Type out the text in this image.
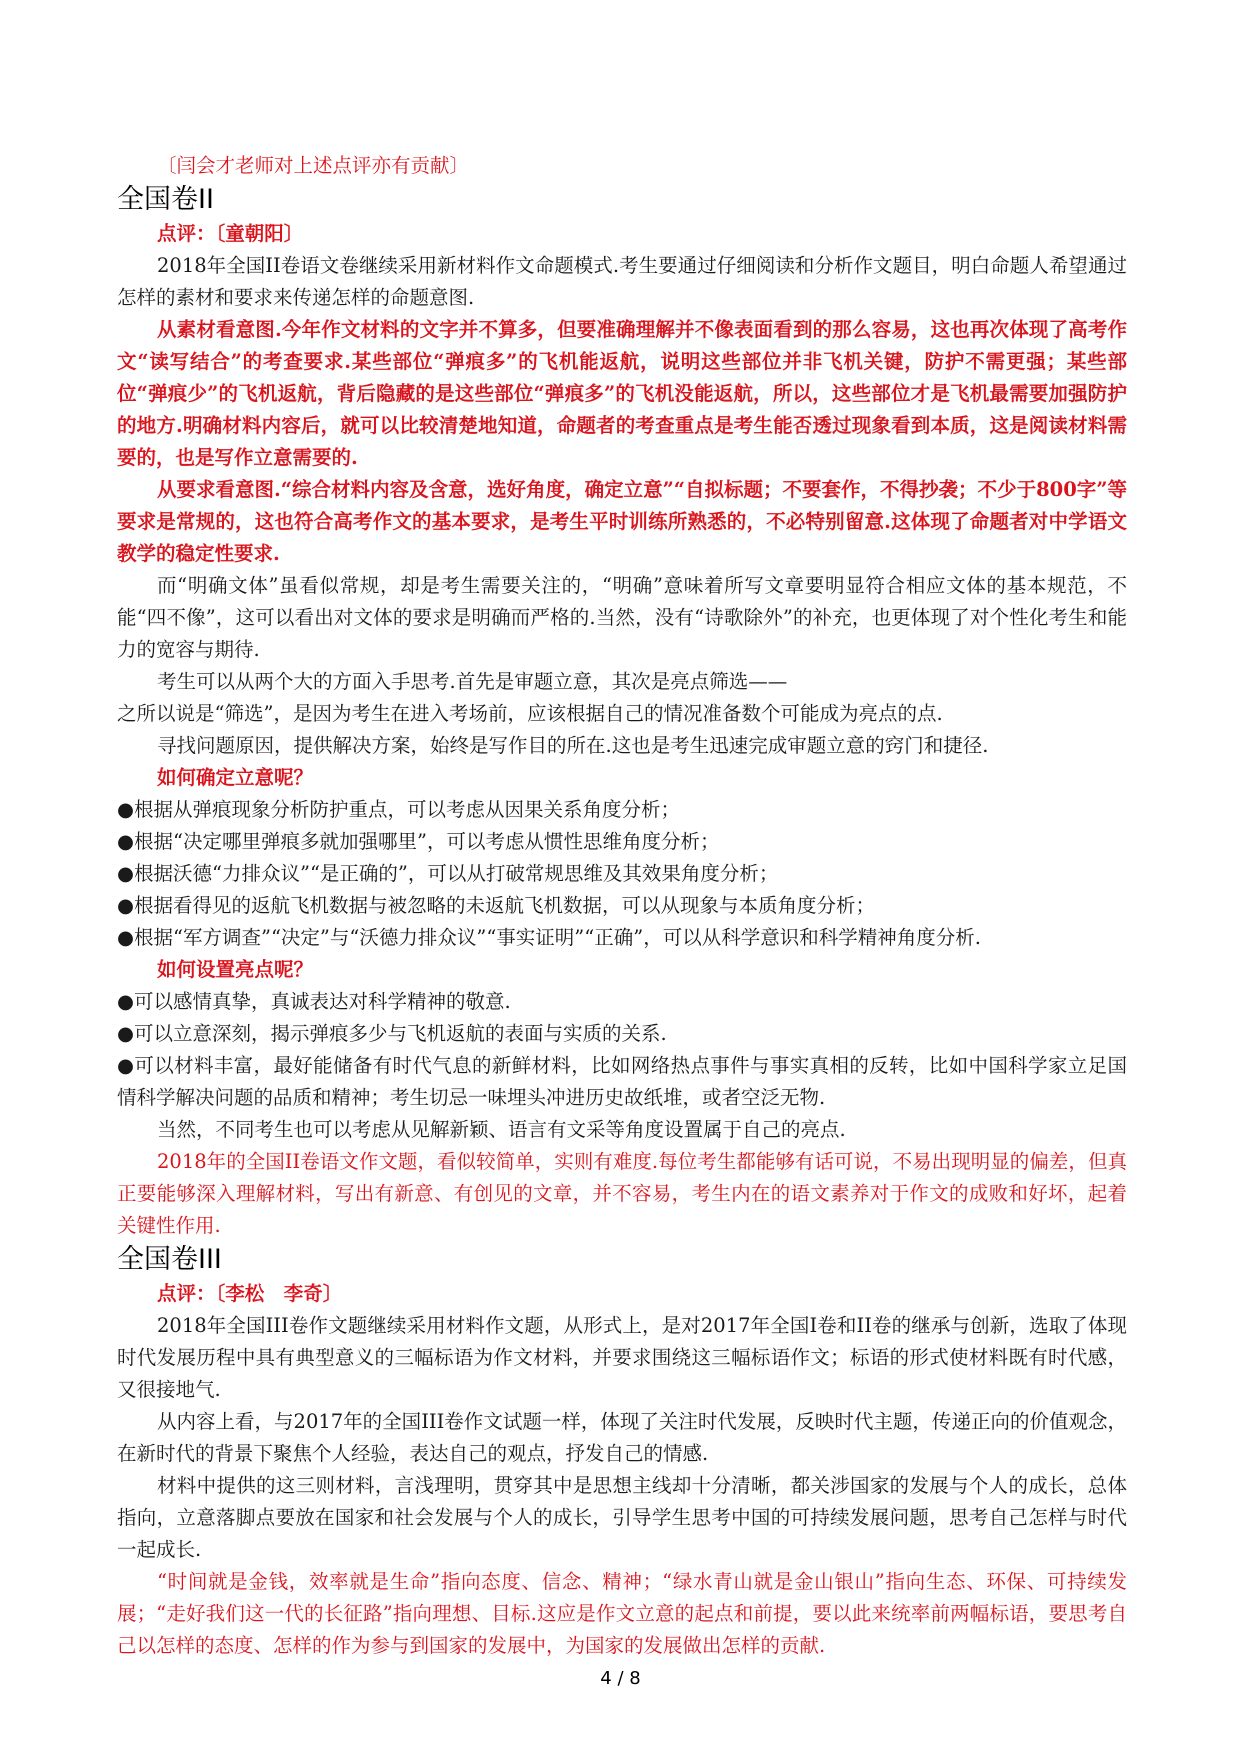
〔闫会才老师对上述点评亦有贡献〕

全国卷II

点评：〔童朝阳〕

2018年全国II卷语文卷继续采用新材料作文命题模式.考生要通过仔细阅读和分析作文题目，明白命题人希望通过怎样的素材和要求来传递怎样的命题意图.

从素材看意图.今年作文材料的文字并不算多，但要准确理解并不像表面看到的那么容易，这也再次体现了高考作文“读写结合”的考查要求.某些部位“弹痕多”的飞机能返航，说明这些部位并非飞机关键，防护不需更强；某些部位“弹痕少”的飞机返航，背后隐藏的是这些部位“弹痕多”的飞机没能返航，所以，这些部位才是飞机最需要加强防护的地方.明确材料内容后，就可以比较清楚地知道，命题者的考查重点是考生能否透过现象看到本质，这是阅读材料需要的，也是写作立意需要的.

从要求看意图.“综合材料内容及含意，选好角度，确定立意”“自拟标题；不要套作，不得抄袭；不少于800字”等要求是常规的，这也符合高考作文的基本要求，是考生平时训练所熟悉的，不必特别留意.这体现了命题者对中学语文教学的稳定性要求.

而“明确文体”虽看似常规，却是考生需要关注的，“明确”意味着所写文章要明显符合相应文体的基本规范，不能“四不像”，这可以看出对文体的要求是明确而严格的.当然，没有“诗歌除外”的补充，也更体现了对个性化考生和能力的宽容与期待.

考生可以从两个大的方面入手思考.首先是审题立意，其次是亮点筛选——

之所以说是“筛选”，是因为考生在进入考场前，应该根据自己的情况准备数个可能成为亮点的点.

寻找问题原因，提供解决方案，始终是写作目的所在.这也是考生迅速完成审题立意的窍门和捷径.

如何确定立意呢？

●根据从弹痕现象分析防护重点，可以考虑从因果关系角度分析；

●根据“决定哪里弹痕多就加强哪里”，可以考虑从惯性思维角度分析；

●根据沃德“力排众议”“是正确的”，可以从打破常规思维及其效果角度分析；

●根据看得见的返航飞机数据与被忽略的未返航飞机数据，可以从现象与本质角度分析；

●根据“军方调查”“决定”与“沃德力排众议”“事实证明”“正确”，可以从科学意识和科学精神角度分析.

如何设置亮点呢？

●可以感情真挚，真诚表达对科学精神的敬意.

●可以立意深刻，揭示弹痕多少与飞机返航的表面与实质的关系.

●可以材料丰富，最好能储备有时代气息的新鲜材料，比如网络热点事件与事实真相的反转，比如中国科学家立足国情科学解决问题的品质和精神；考生切忌一味埋头冲进历史故纸堆，或者空泛无物.

当然，不同考生也可以考虑从见解新颖、语言有文采等角度设置属于自己的亮点.

2018年的全国II卷语文作文题，看似较简单，实则有难度.每位考生都能够有话可说，不易出现明显的偏差，但真正要能够深入理解材料，写出有新意、有创见的文章，并不容易，考生内在的语文素养对于作文的成败和好坏，起着关键性作用.

全国卷III

点评：〔李松　李奇〕

2018年全国III卷作文题继续采用材料作文题，从形式上，是对2017年全国Ⅰ卷和II卷的继承与创新，选取了体现时代发展历程中具有典型意义的三幅标语为作文材料，并要求围绕这三幅标语作文；标语的形式使材料既有时代感，又很接地气.

从内容上看，与2017年的全国III卷作文试题一样，体现了关注时代发展，反映时代主题，传递正向的价值观念，在新时代的背景下聚焦个人经验，表达自己的观点，抒发自己的情感.

材料中提供的这三则材料，言浅理明，贯穿其中是思想主线却十分清晰，都关涉国家的发展与个人的成长，总体指向，立意落脚点要放在国家和社会发展与个人的成长，引导学生思考中国的可持续发展问题，思考自己怎样与时代一起成长.

“时间就是金钱，效率就是生命”指向态度、信念、精神；“绿水青山就是金山银山”指向生态、环保、可持续发展；“走好我们这一代的长征路”指向理想、目标.这应是作文立意的起点和前提，要以此来统率前两幅标语，要思考自己以怎样的态度、怎样的作为参与到国家的发展中，为国家的发展做出怎样的贡献.

4 / 8
